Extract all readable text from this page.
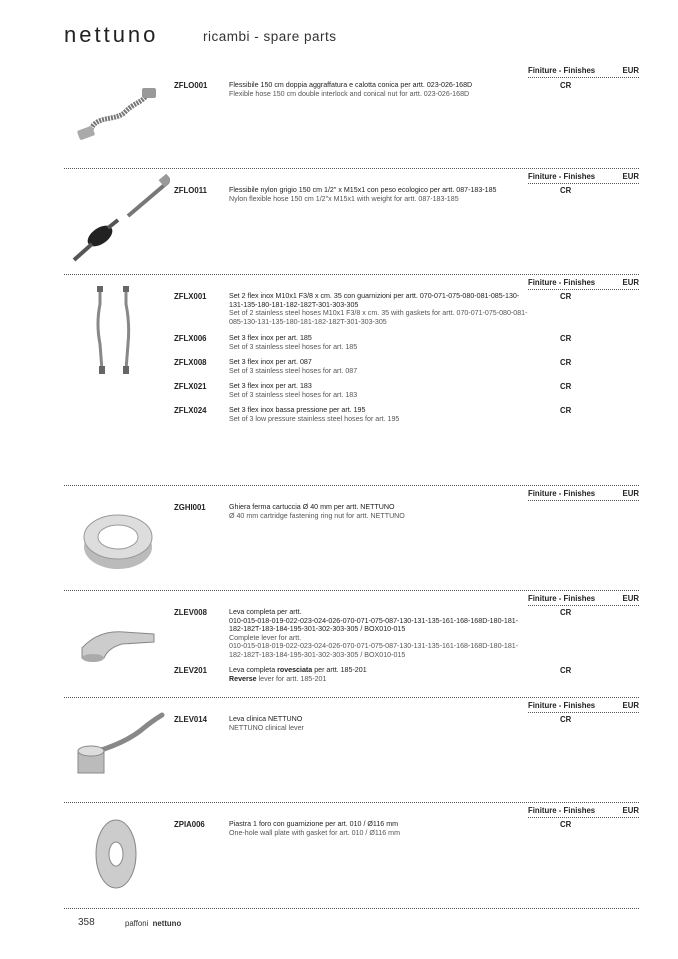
nettuno	ricambi - spare parts
Finiture - Finishes	EUR
ZFLO001	Flessibile 150 cm doppia aggraffatura e calotta conica per artt. 023-026-168D
Flexible hose 150 cm double interlock and conical nut for artt. 023-026-168D
CR
Finiture - Finishes	EUR
ZFLO011	Flessibile nylon grigio 150 cm 1/2" x M15x1 con peso ecologico per artt. 087-183-185
Nylon flexible hose 150 cm 1/2"x M15x1 with weight for artt. 087-183-185
CR
Finiture - Finishes	EUR
ZFLX001	Set 2 flex inox M10x1 F3/8 x cm. 35 con guarnizioni per artt. 070-071-075-080-081-085-130-131-135-180-181-182-182T-301-303-305
Set of 2 stainless steel hoses M10x1 F3/8 x cm. 35 with gaskets for artt. 070-071-075-080-081-085-130-131-135-180-181-182-182T-301-303-305
CR
ZFLX006	Set 3 flex inox per art. 185
Set of 3 stainless steel hoses for art. 185
CR
ZFLX008	Set 3 flex inox per art. 087
Set of 3 stainless steel hoses for art. 087
CR
ZFLX021	Set 3 flex inox per art. 183
Set of 3 stainless steel hoses for art. 183
CR
ZFLX024	Set 3 flex inox bassa pressione per art. 195
Set of 3 low pressure stainless steel hoses for art. 195
CR
Finiture - Finishes	EUR
ZGHI001	Ghiera ferma cartuccia Ø 40 mm per artt. NETTUNO
Ø 40 mm cartridge fastening ring nut for artt. NETTUNO
Finiture - Finishes	EUR
ZLEV008	Leva completa per artt.
010-015-018-019-022-023-024-026-070-071-075-087-130-131-135-161-168-168D-180-181-182-182T-183-184-195-301-302-303-305 / BOX010-015
Complete lever for artt.
010-015-018-019-022-023-024-026-070-071-075-087-130-131-135-161-168-168D-180-181-182-182T-183-184-195-301-302-303-305 / BOX010-015
CR
ZLEV201	Leva completa rovesciata per artt. 185-201
Reverse lever for artt. 185-201
CR
Finiture - Finishes	EUR
ZLEV014	Leva clinica NETTUNO
NETTUNO clinical lever
CR
Finiture - Finishes	EUR
ZPIA006	Piastra 1 foro con guarnizione per art. 010 / Ø116 mm
One-hole wall plate with gasket for art. 010 / Ø116 mm
CR
358	paffoni nettuno
